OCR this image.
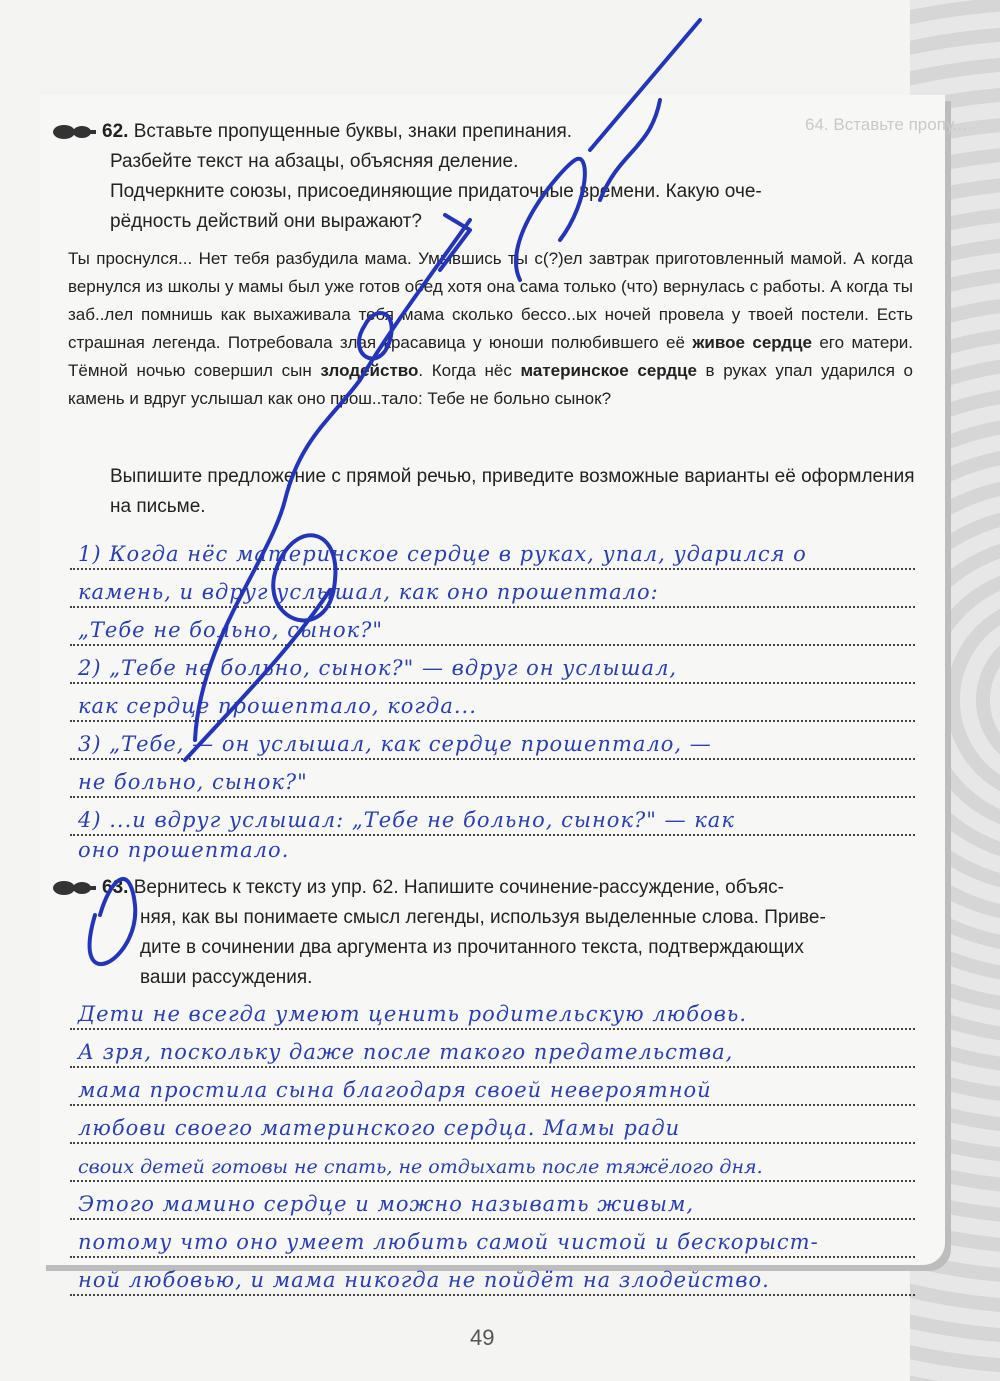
64. Вставьте пропу...
62. Вставьте пропущенные буквы, знаки препинания.
Разбейте текст на абзацы, объясняя деление.
Подчеркните союзы, присоединяющие придаточные времени. Какую оче-
рёдность действий они выражают?
Ты проснулся... Нет тебя разбудила мама. Умывшись ты с(?)ел завтрак приготовленный мамой. А когда вернулся из школы у мамы был уже готов обед хотя она сама только (что) вернулась с работы. А когда ты заб..лел помнишь как выхаживала тебя мама сколько бессо..ых ночей провела у твоей постели. Есть страшная легенда. Потребовала злая красавица у юноши полюбившего её живое сердце его матери. Тёмной ночью совершил сын злодейство. Когда нёс материнское сердце в руках упал ударился о камень и вдруг услышал как оно прош..тало: Тебе не больно сынок?
Выпишите предложение с прямой речью, приведите возможные варианты её оформления на письме.
1) Когда нёс материнское сердце в руках, упал, ударился о
камень, и вдруг услышал, как оно прошептало:
„Тебе не больно, сынок?"
2) „Тебе не больно, сынок?" — вдруг он услышал,
как сердце прошептало, когда...
3) „Тебе, — он услышал, как сердце прошептало, —
не больно, сынок?"
4) ...и вдруг услышал: „Тебе не больно, сынок?" — как
оно прошептало.
63. Вернитесь к тексту из упр. 62. Напишите сочинение-рассуждение, объяс-
няя, как вы понимаете смысл легенды, используя выделенные слова. Приве-
дите в сочинении два аргумента из прочитанного текста, подтверждающих
ваши рассуждения.
Дети не всегда умеют ценить родительскую любовь.
А зря, поскольку даже после такого предательства,
мама простила сына благодаря своей невероятной
любови своего материнского сердца. Мамы ради
своих детей готовы не спать, не отдыхать после тяжёлого дня.
Этого мамино сердце и можно называть живым,
потому что оно умеет любить самой чистой и бескорыст-
ной любовью, и мама никогда не пойдёт на злодейство.
49
